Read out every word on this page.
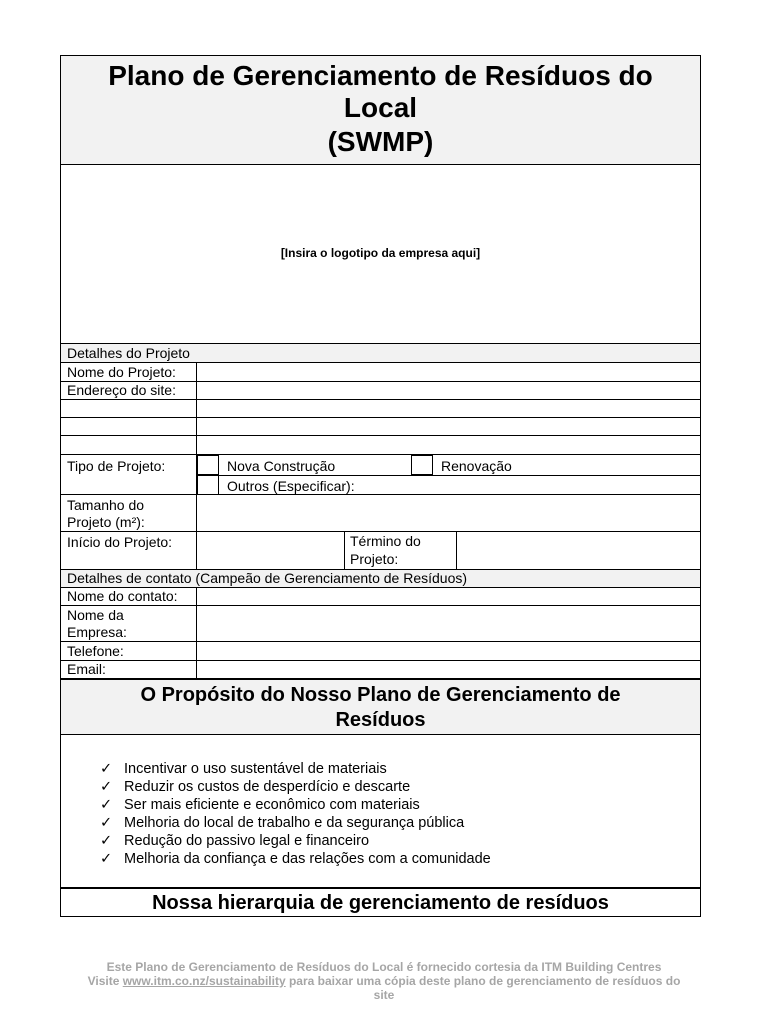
Plano de Gerenciamento de Resíduos do
Local
(SWMP)
[Insira o logotipo da empresa aqui]
Detalhes do Projeto
Nome do Projeto:
Endereço do site:
Tipo de Projeto:	Nova Construção	Renovação
Outros (Especificar):
Tamanho do
Projeto (m²):
Início do Projeto:	Término do
Projeto:
Detalhes de contato (Campeão de Gerenciamento de Resíduos)
Nome do contato:
Nome da
Empresa:
Telefone:
Email:
O Propósito do Nosso Plano de Gerenciamento de
Resíduos
✓ Incentivar o uso sustentável de materiais
✓ Reduzir os custos de desperdício e descarte
✓ Ser mais eficiente e econômico com materiais
✓ Melhoria do local de trabalho e da segurança pública
✓ Redução do passivo legal e financeiro
✓ Melhoria da confiança e das relações com a comunidade
Nossa hierarquia de gerenciamento de resíduos
Este Plano de Gerenciamento de Resíduos do Local é fornecido cortesia da ITM Building Centres
Visite www.itm.co.nz/sustainability para baixar uma cópia deste plano de gerenciamento de resíduos do
site
